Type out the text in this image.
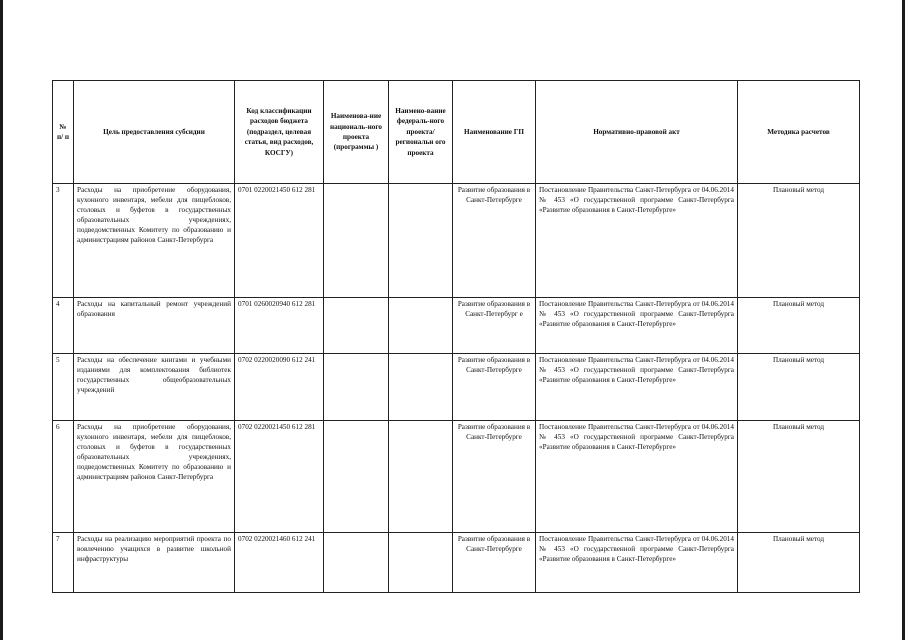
№ п/ п	Цель предоставления субсидии	Код классификации расходов бюджета (подраздел, целевая статья, вид расходов, КОСГУ)	Наименова-ние националь-ного проекта (программы )	Наимено-вание федераль-ного проекта/ региональн ого проекта	Наименование ГП	Нормативно-правовой акт	Методика расчетов
3	Расходы на приобретение оборудования, кухонного инвентаря, мебели для пищеблоков, столовых и буфетов в государственных образовательных учреждениях, подведомственных Комитету по образованию и администрациям районов Санкт-Петербурга	0701 0220021450 612 281			Развитие образования в Санкт-Петербурге	Постановление Правительства Санкт-Петербурга от 04.06.2014 № 453 «О государственной программе Санкт-Петербурга «Развитие образования в Санкт-Петербурге»	Плановый метод
4	Расходы на капитальный ремонт учреждений образования	0701 0260020940 612 281			Развитие образования в Санкт-Петербург е	Постановление Правительства Санкт-Петербурга от 04.06.2014 № 453 «О государственной программе Санкт-Петербурга «Развитие образования в Санкт-Петербурге»	Плановый метод
5	Расходы на обеспечение книгами и учебными изданиями для комплектования библиотек государственных общеобразовательных учреждений	0702 0220020090 612 241			Развитие образования в Санкт-Петербурге	Постановление Правительства Санкт-Петербурга от 04.06.2014 № 453 «О государственной программе Санкт-Петербурга «Развитие образования в Санкт-Петербурге»	Плановый метод
6	Расходы на приобретение оборудования, кухонного инвентаря, мебели для пищеблоков, столовых и буфетов в государственных образовательных учреждениях, подведомственных Комитету по образованию и администрациям районов Санкт-Петербурга	0702 0220021450 612 281			Развитие образования в Санкт-Петербурге	Постановление Правительства Санкт-Петербурга от 04.06.2014 № 453 «О государственной программе Санкт-Петербурга «Развитие образования в Санкт-Петербурге»	Плановый метод
7	Расходы на реализацию мероприятий проекта по вовлечению учащихся в развитие школьной инфраструктуры	0702 0220021460 612 241			Развитие образования в Санкт-Петербурге	Постановление Правительства Санкт-Петербурга от 04.06.2014 № 453 «О государственной программе Санкт-Петербурга «Развитие образования в Санкт-Петербурге»	Плановый метод
